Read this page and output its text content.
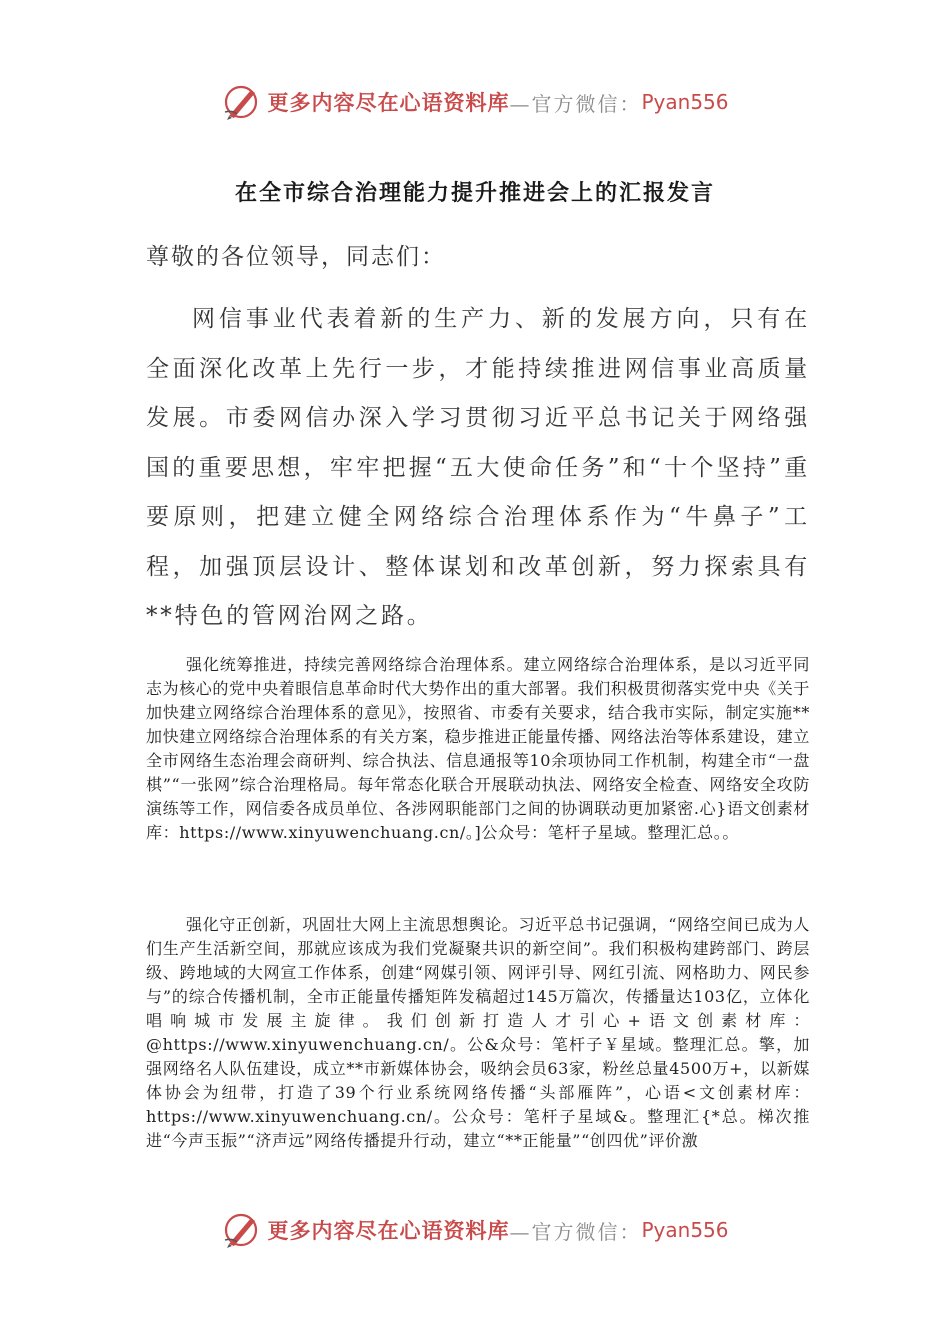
更多内容尽在心语资料库 —官方微信： Pyan556
在全市综合治理能力提升推进会上的汇报发言
尊敬的各位领导，同志们：

网信事业代表着新的生产力、新的发展方向，只有在全面深化改革上先行一步，才能持续推进网信事业高质量发展。市委网信办深入学习贯彻习近平总书记关于网络强国的重要思想，牢牢把握“五大使命任务”和“十个坚持”重要原则，把建立健全网络综合治理体系作为“牛鼻子”工程，加强顶层设计、整体谋划和改革创新，努力探索具有**特色的管网治网之路。

强化统筹推进，持续完善网络综合治理体系。建立网络综合治理体系，是以习近平同志为核心的党中央着眼信息革命时代大势作出的重大部署。我们积极贯彻落实党中央《关于加快建立网络综合治理体系的意见》，按照省、市委有关要求，结合我市实际，制定实施**加快建立网络综合治理体系的有关方案，稳步推进正能量传播、网络法治等体系建设，建立全市网络生态治理会商研判、综合执法、信息通报等10余项协同工作机制，构建全市“一盘棋”“一张网”综合治理格局。每年常态化联合开展联动执法、网络安全检查、网络安全攻防演练等工作，网信委各成员单位、各涉网职能部门之间的协调联动更加紧密.心}语文创素材库：https://www.xinyuwenchuang.cn/。]公众号：笔杆子星域。整理汇总。。

强化守正创新，巩固壮大网上主流思想舆论。习近平总书记强调，“网络空间已成为人们生产生活新空间，那就应该成为我们党凝聚共识的新空间”。我们积极构建跨部门、跨层级、跨地域的大网宣工作体系，创建“网媒引领、网评引导、网红引流、网格助力、网民参与”的综合传播机制，全市正能量传播矩阵发稿超过145万篇次，传播量达103亿，立体化唱响城市发展主旋律。我们创新打造人才引心+语文创素材库：@https://www.xinyuwenchuang.cn/。公&众号：笔杆子￥星域。整理汇总。擎，加强网络名人队伍建设，成立**市新媒体协会，吸纳会员63家，粉丝总量4500万+，以新媒体协会为纽带，打造了39个行业系统网络传播“头部雁阵”，心语<文创素材库：https://www.xinyuwenchuang.cn/。公众号：笔杆子星域&。整理汇{*总。梯次推进“今声玉振”“济声远”网络传播提升行动，建立“**正能量”“创四优”评价激

更多内容尽在心语资料库 —官方微信： Pyan556
